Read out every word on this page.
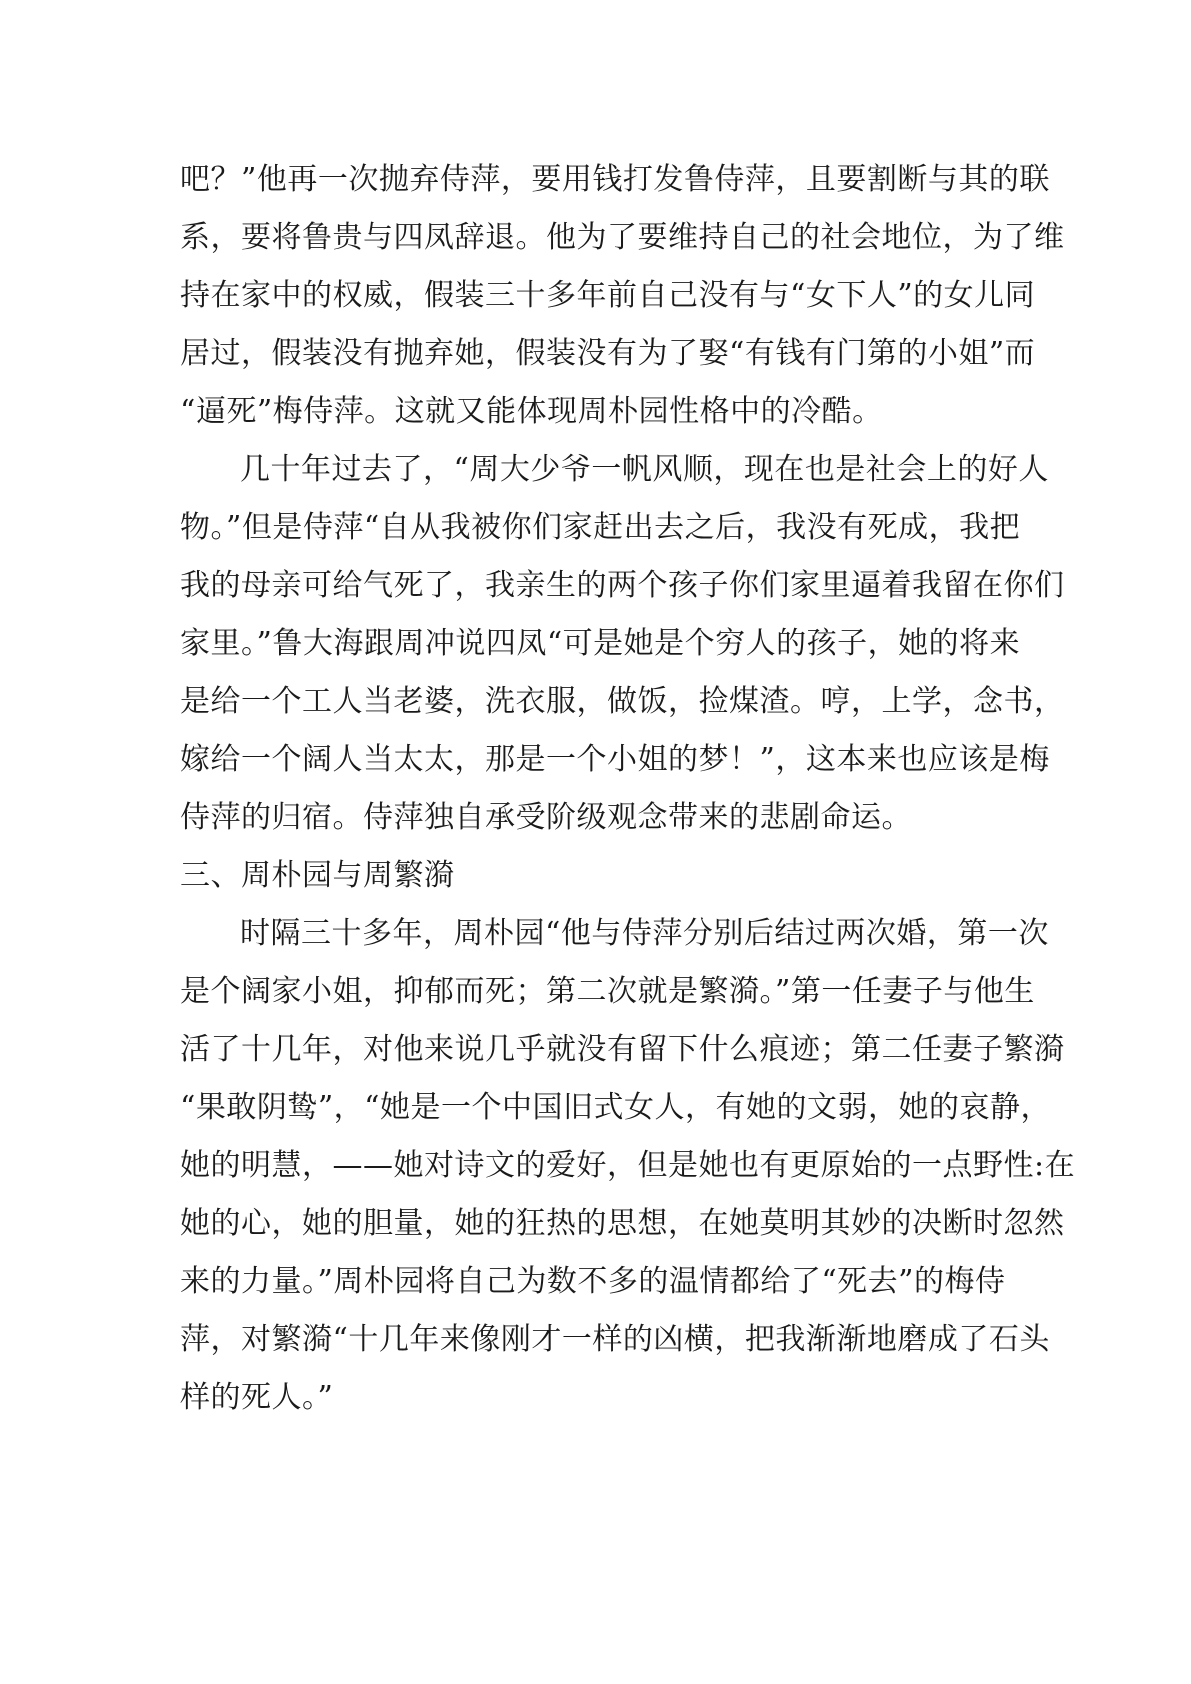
吧？”他再一次抛弃侍萍，要用钱打发鲁侍萍，且要割断与其的联
系，要将鲁贵与四凤辞退。他为了要维持自己的社会地位，为了维
持在家中的权威，假装三十多年前自己没有与“女下人”的女儿同
居过，假装没有抛弃她，假装没有为了娶“有钱有门第的小姐”而
“逼死”梅侍萍。这就又能体现周朴园性格中的冷酷。
几十年过去了，“周大少爷一帆风顺，现在也是社会上的好人
物。”但是侍萍“自从我被你们家赶出去之后，我没有死成，我把
我的母亲可给气死了，我亲生的两个孩子你们家里逼着我留在你们
家里。”鲁大海跟周冲说四凤“可是她是个穷人的孩子，她的将来
是给一个工人当老婆，洗衣服，做饭，捡煤渣。哼，上学，念书，
嫁给一个阔人当太太，那是一个小姐的梦！”，这本来也应该是梅
侍萍的归宿。侍萍独自承受阶级观念带来的悲剧命运。
三、周朴园与周繁漪
时隔三十多年，周朴园“他与侍萍分别后结过两次婚，第一次
是个阔家小姐，抑郁而死；第二次就是繁漪。”第一任妻子与他生
活了十几年，对他来说几乎就没有留下什么痕迹；第二任妻子繁漪
“果敢阴鸷”，“她是一个中国旧式女人，有她的文弱，她的哀静，
她的明慧，——她对诗文的爱好，但是她也有更原始的一点野性:在
她的心，她的胆量，她的狂热的思想，在她莫明其妙的决断时忽然
来的力量。”周朴园将自己为数不多的温情都给了“死去”的梅侍
萍，对繁漪“十几年来像刚才一样的凶横，把我渐渐地磨成了石头
样的死人。”
